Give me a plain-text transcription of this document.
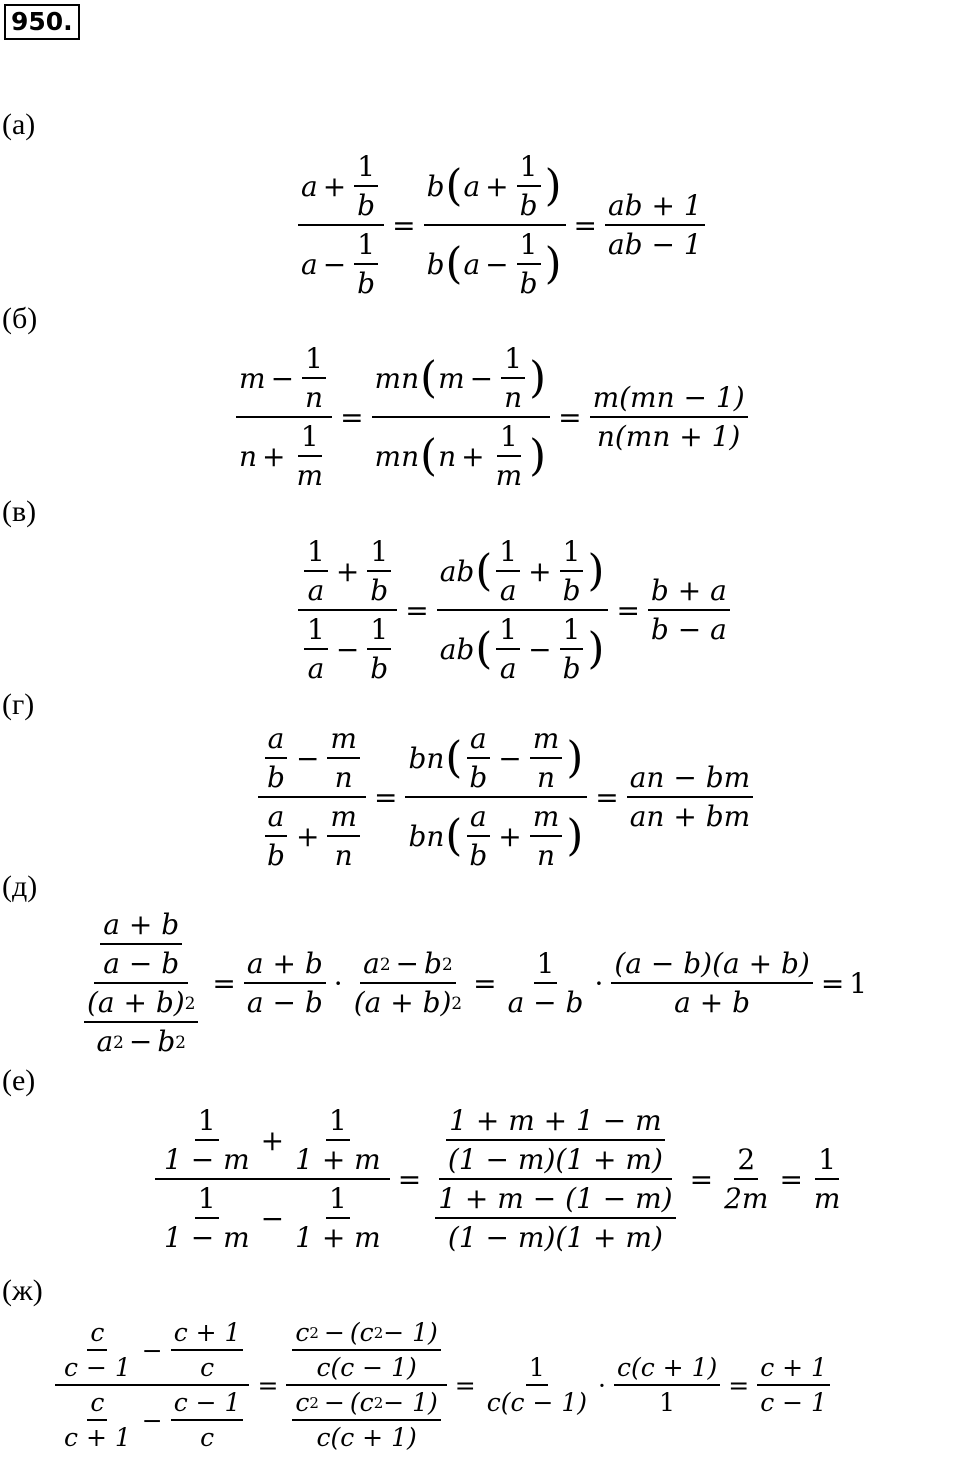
950.
(а)
(б)
(в)
(г)
(д)
(е)
(ж)
$\frac{a + \frac{1}{b}}{a - \frac{1}{b}} = \frac{b ( a + \frac{1}{b} )}{b ( a - \frac{1}{b} )} = \frac{ab + 1}{ab - 1}$
$\frac{m - \frac{1}{n}}{n + \frac{1}{m}} = \frac{mn ( m - \frac{1}{n} )}{mn ( n + \frac{1}{m} )} = \frac{m(mn - 1)}{n(mn + 1)}$
$\frac{\frac{1}{a} + \frac{1}{b}}{\frac{1}{a} - \frac{1}{b}} = \frac{ab ( \frac{1}{a} + \frac{1}{b} )}{ab ( \frac{1}{a} - \frac{1}{b} )} = \frac{b + a}{b - a}$
$\frac{\frac{a}{b} - \frac{m}{n}}{\frac{a}{b} + \frac{m}{n}} = \frac{bn ( \frac{a}{b} - \frac{m}{n} )}{bn ( \frac{a}{b} + \frac{m}{n} )} = \frac{an - bm}{an + bm}$
$\frac{\frac{a + b}{a - b}}{\frac{(a + b) 2}{a 2 - b 2}} = \frac{a + b}{a - b} \cdot \frac{a 2 - b 2}{(a + b) 2} = \frac{1}{a - b} \cdot \frac{(a - b)(a + b)}{a + b} = 1$
$\frac{\frac{1}{1 - m} + \frac{1}{1 + m}}{\frac{1}{1 - m} - \frac{1}{1 + m}} = \frac{\frac{1 + m + 1 - m}{(1 - m)(1 + m)}}{\frac{1 + m - (1 - m)}{(1 - m)(1 + m)}} = \frac{2}{2m} = \frac{1}{m}$
$\frac{\frac{c}{c - 1} - \frac{c + 1}{c}}{\frac{c}{c + 1} - \frac{c - 1}{c}} = \frac{\frac{c 2 - (c 2 - 1)}{c(c - 1)}}{\frac{c 2 - (c 2 - 1)}{c(c + 1)}} = \frac{1}{c(c - 1)} \cdot \frac{c(c + 1)}{1} = \frac{c + 1}{c - 1}$
